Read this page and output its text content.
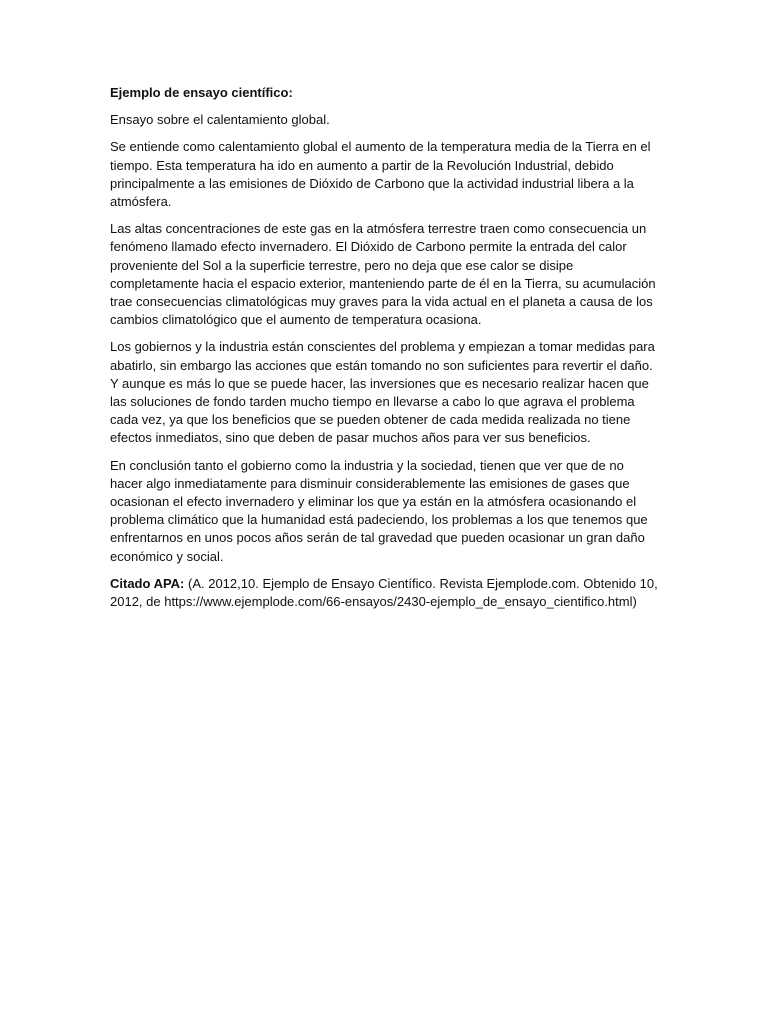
Ejemplo de ensayo científico:

Ensayo sobre el calentamiento global.

Se entiende como calentamiento global el aumento de la temperatura media de la Tierra en el tiempo. Esta temperatura ha ido en aumento a partir de la Revolución Industrial, debido principalmente a las emisiones de Dióxido de Carbono que la actividad industrial libera a la atmósfera.

Las altas concentraciones de este gas en la atmósfera terrestre traen como consecuencia un fenómeno llamado efecto invernadero. El Dióxido de Carbono permite la entrada del calor proveniente del Sol a la superficie terrestre, pero no deja que ese calor se disipe completamente hacia el espacio exterior, manteniendo parte de él en la Tierra, su acumulación trae consecuencias climatológicas muy graves para la vida actual en el planeta a causa de los cambios climatológico que el aumento de temperatura ocasiona.

Los gobiernos y la industria están conscientes del problema y empiezan a tomar medidas para abatirlo, sin embargo las acciones que están tomando no son suficientes para revertir el daño. Y aunque es más lo que se puede hacer, las inversiones que es necesario realizar hacen que las soluciones de fondo tarden mucho tiempo en llevarse a cabo lo que agrava el problema cada vez, ya que los beneficios que se pueden obtener de cada medida realizada no tiene efectos inmediatos, sino que deben de pasar muchos años para ver sus beneficios.

En conclusión tanto el gobierno como la industria y la sociedad, tienen que ver que de no hacer algo inmediatamente para disminuir considerablemente las emisiones de gases que ocasionan el efecto invernadero y eliminar los que ya están en la atmósfera ocasionando el problema climático que la humanidad está padeciendo, los problemas a los que tenemos que enfrentarnos en unos pocos años serán de tal gravedad que pueden ocasionar un gran daño económico y social.

Citado APA: (A. 2012,10. Ejemplo de Ensayo Científico. Revista Ejemplode.com. Obtenido 10, 2012, de https://www.ejemplode.com/66-ensayos/2430-ejemplo_de_ensayo_cientifico.html)
